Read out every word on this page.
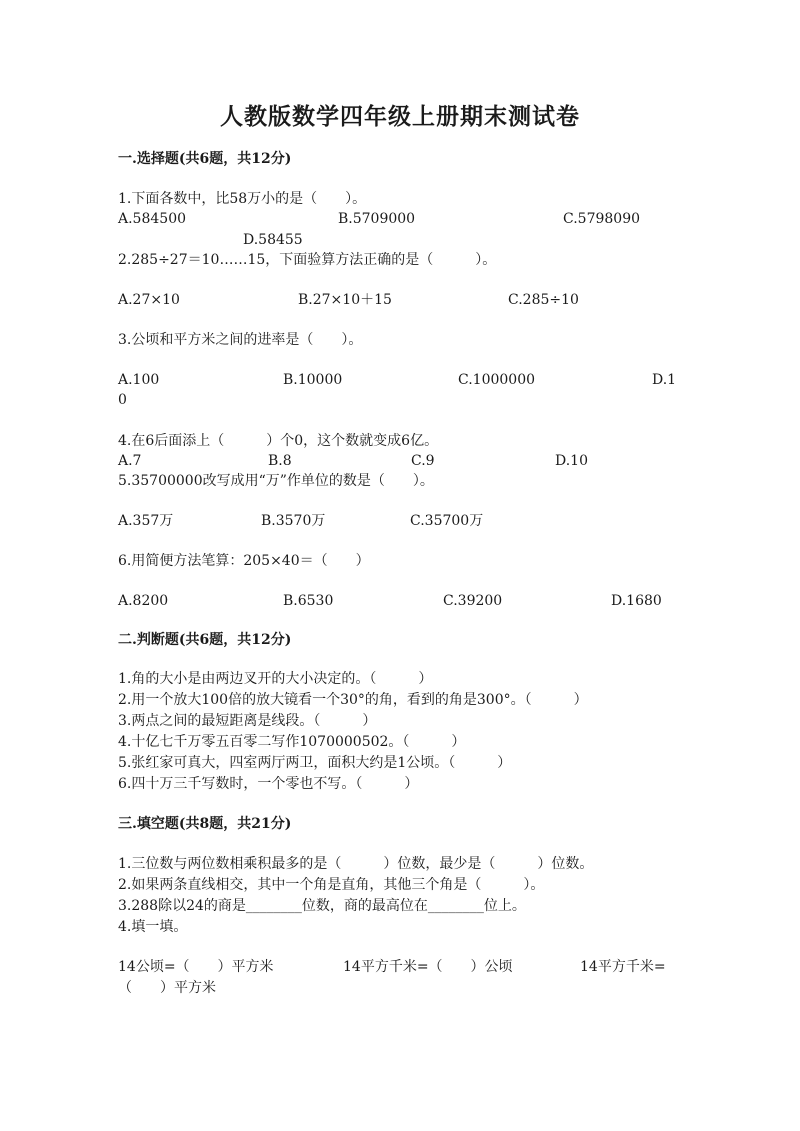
人教版数学四年级上册期末测试卷
一.选择题(共6题，共12分)
1.下面各数中，比58万小的是（　　）。
A.584500	B.5709000	C.5798090
D.58455
2.285÷27＝10……15，下面验算方法正确的是（　　　）。
A.27×10	B.27×10＋15	C.285÷10
3.公顷和平方米之间的进率是（　　）。
A.100	B.10000	C.1000000	D.1
0
4.在6后面添上（　　　）个0，这个数就变成6亿。
A.7	B.8	C.9	D.10
5.35700000改写成用“万”作单位的数是（　　）。
A.357万	B.3570万	C.35700万
6.用简便方法笔算：205×40＝（　　）
A.8200	B.6530	C.39200	D.1680
二.判断题(共6题，共12分)
1.角的大小是由两边叉开的大小决定的。（　　　）
2.用一个放大100倍的放大镜看一个30°的角，看到的角是300°。（　　　）
3.两点之间的最短距离是线段。（　　　）
4.十亿七千万零五百零二写作1070000502。（　　　）
5.张红家可真大，四室两厅两卫，面积大约是1公顷。（　　　）
6.四十万三千写数时，一个零也不写。（　　　）
三.填空题(共8题，共21分)
1.三位数与两位数相乘积最多的是（　　　）位数，最少是（　　　）位数。
2.如果两条直线相交，其中一个角是直角，其他三个角是（　　　）。
3.288除以24的商是________位数，商的最高位在________位上。
4.填一填。
14公顷=（　　）平方米	14平方千米=（　　）公顷	14平方千米=
（　　）平方米
